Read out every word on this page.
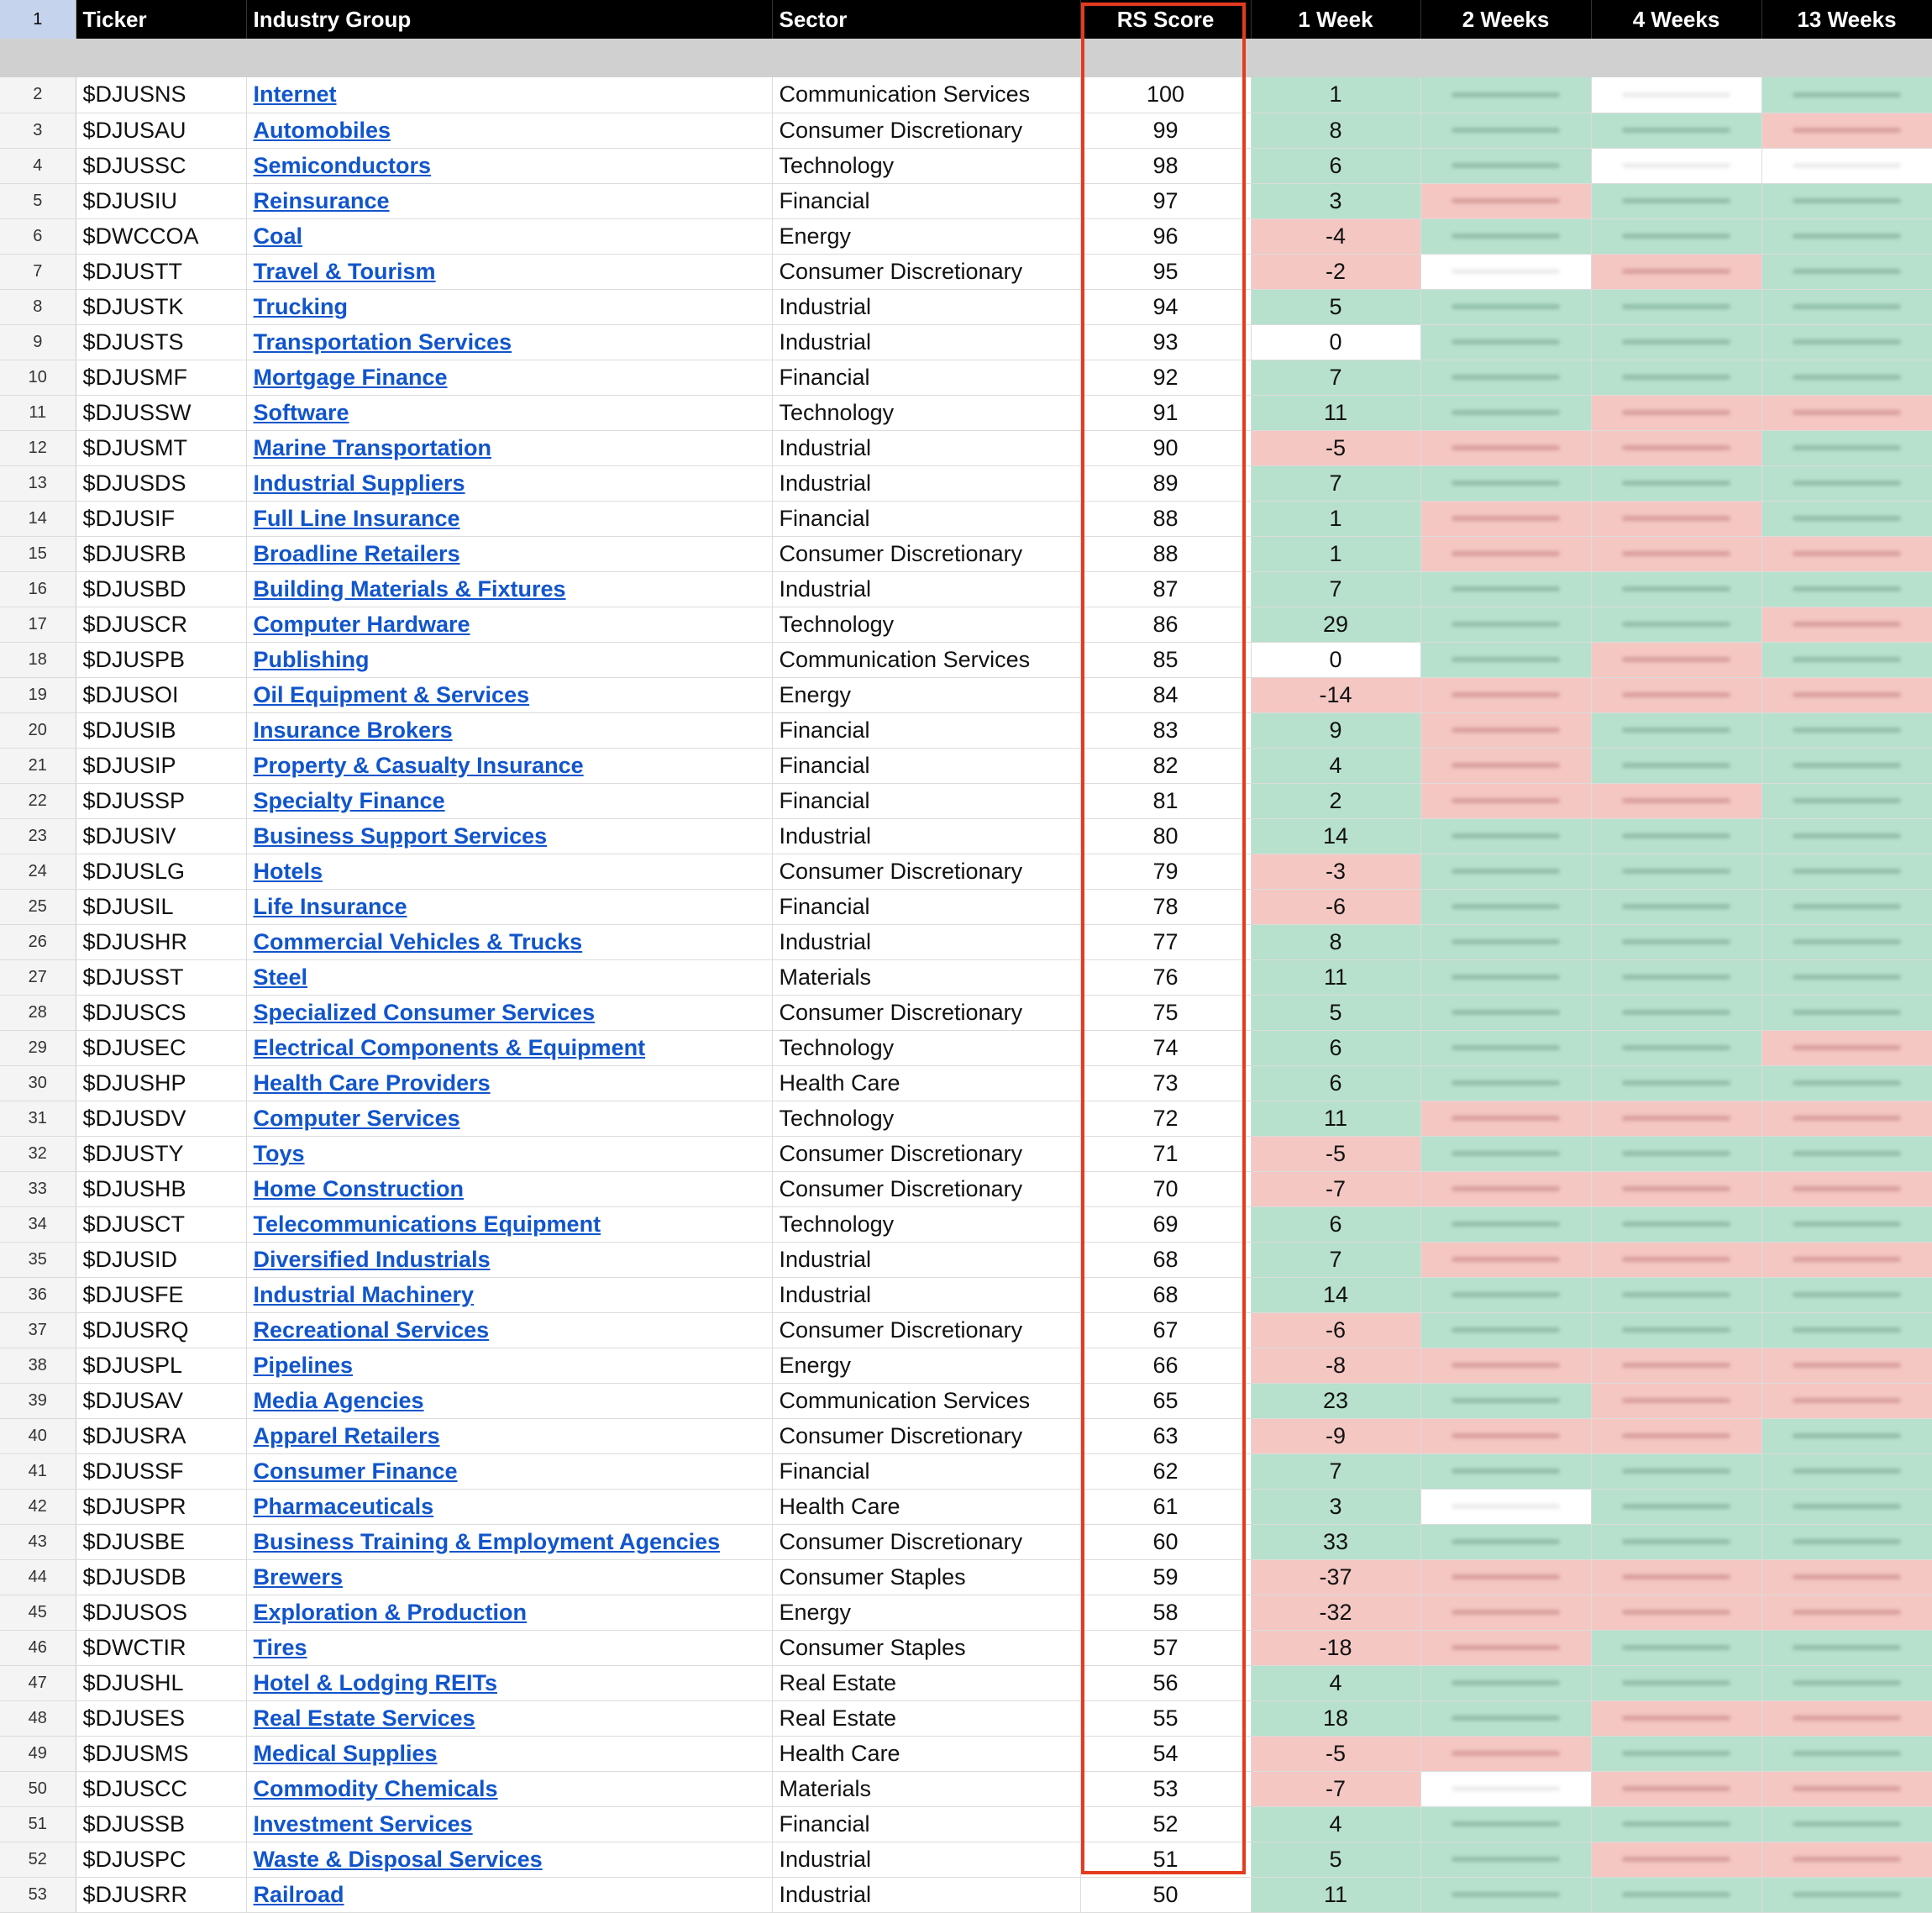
1	Ticker	Industry Group	Sector	RS Score	1 Week	2 Weeks	4 Weeks	13 Weeks

2	$DJUSNS	Internet	Communication Services	100	1	

3	$DJUSAU	Automobiles	Consumer Discretionary	99	8	

4	$DJUSSC	Semiconductors	Technology	98	6	

5	$DJUSIU	Reinsurance	Financial	97	3	

6	$DWCCOA	Coal	Energy	96	-4	

7	$DJUSTT	Travel & Tourism	Consumer Discretionary	95	-2	

8	$DJUSTK	Trucking	Industrial	94	5	

9	$DJUSTS	Transportation Services	Industrial	93	0	

10	$DJUSMF	Mortgage Finance	Financial	92	7	

11	$DJUSSW	Software	Technology	91	11	

12	$DJUSMT	Marine Transportation	Industrial	90	-5	

13	$DJUSDS	Industrial Suppliers	Industrial	89	7	

14	$DJUSIF	Full Line Insurance	Financial	88	1	

15	$DJUSRB	Broadline Retailers	Consumer Discretionary	88	1	

16	$DJUSBD	Building Materials & Fixtures	Industrial	87	7	

17	$DJUSCR	Computer Hardware	Technology	86	29	

18	$DJUSPB	Publishing	Communication Services	85	0	

19	$DJUSOI	Oil Equipment & Services	Energy	84	-14	

20	$DJUSIB	Insurance Brokers	Financial	83	9	

21	$DJUSIP	Property & Casualty Insurance	Financial	82	4	

22	$DJUSSP	Specialty Finance	Financial	81	2	

23	$DJUSIV	Business Support Services	Industrial	80	14	

24	$DJUSLG	Hotels	Consumer Discretionary	79	-3	

25	$DJUSIL	Life Insurance	Financial	78	-6	

26	$DJUSHR	Commercial Vehicles & Trucks	Industrial	77	8	

27	$DJUSST	Steel	Materials	76	11	

28	$DJUSCS	Specialized Consumer Services	Consumer Discretionary	75	5	

29	$DJUSEC	Electrical Components & Equipment	Technology	74	6	

30	$DJUSHP	Health Care Providers	Health Care	73	6	

31	$DJUSDV	Computer Services	Technology	72	11	

32	$DJUSTY	Toys	Consumer Discretionary	71	-5	

33	$DJUSHB	Home Construction	Consumer Discretionary	70	-7	

34	$DJUSCT	Telecommunications Equipment	Technology	69	6	

35	$DJUSID	Diversified Industrials	Industrial	68	7	

36	$DJUSFE	Industrial Machinery	Industrial	68	14	

37	$DJUSRQ	Recreational Services	Consumer Discretionary	67	-6	

38	$DJUSPL	Pipelines	Energy	66	-8	

39	$DJUSAV	Media Agencies	Communication Services	65	23	

40	$DJUSRA	Apparel Retailers	Consumer Discretionary	63	-9	

41	$DJUSSF	Consumer Finance	Financial	62	7	

42	$DJUSPR	Pharmaceuticals	Health Care	61	3	

43	$DJUSBE	Business Training & Employment Agencies	Consumer Discretionary	60	33	

44	$DJUSDB	Brewers	Consumer Staples	59	-37	

45	$DJUSOS	Exploration & Production	Energy	58	-32	

46	$DWCTIR	Tires	Consumer Staples	57	-18	

47	$DJUSHL	Hotel & Lodging REITs	Real Estate	56	4	

48	$DJUSES	Real Estate Services	Real Estate	55	18	

49	$DJUSMS	Medical Supplies	Health Care	54	-5	

50	$DJUSCC	Commodity Chemicals	Materials	53	-7	

51	$DJUSSB	Investment Services	Financial	52	4	

52	$DJUSPC	Waste & Disposal Services	Industrial	51	5	

53	$DJUSRR	Railroad	Industrial	50	11	
